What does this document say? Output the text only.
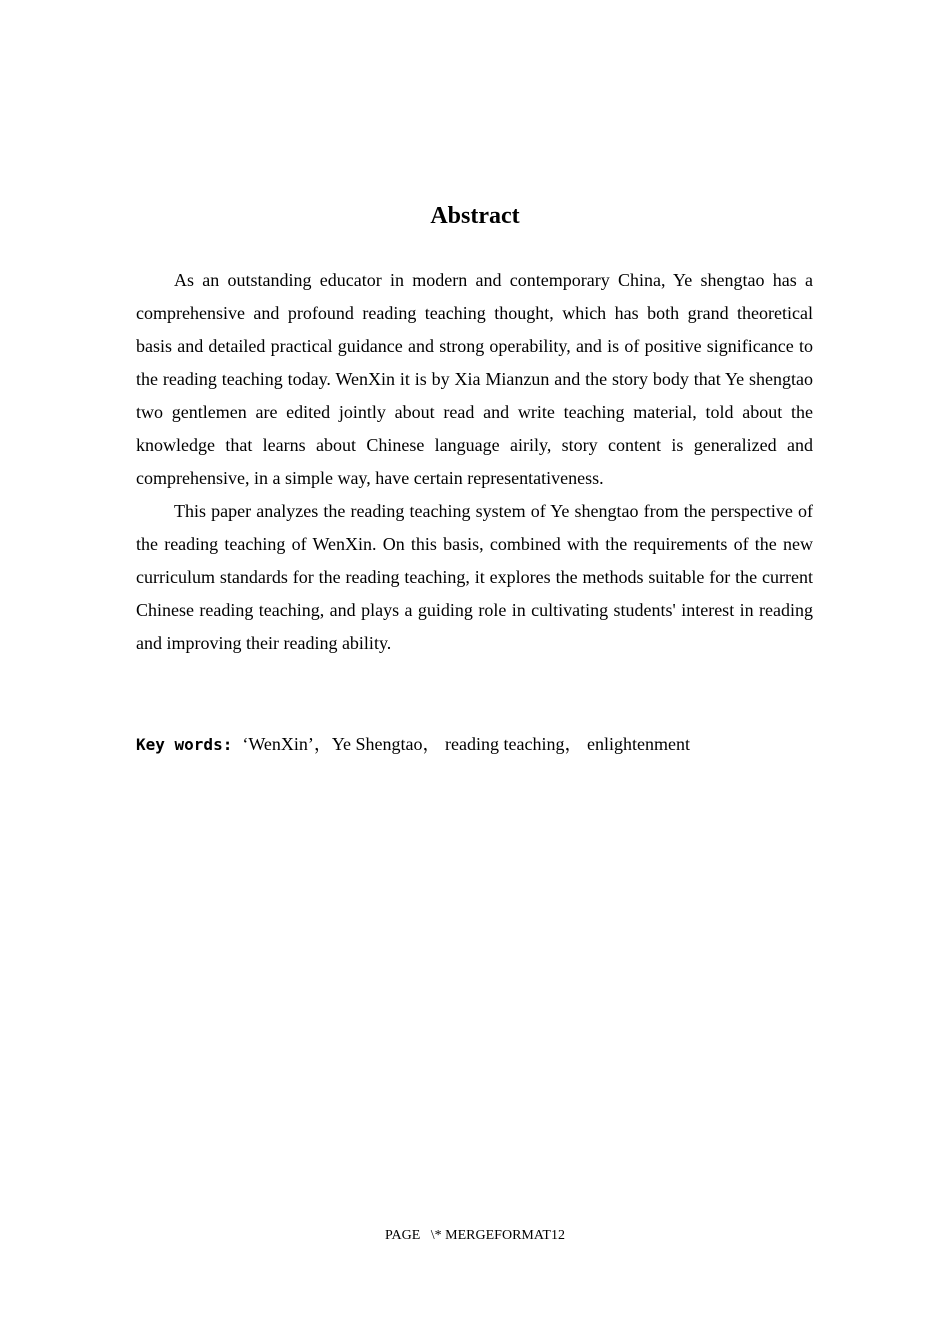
Abstract

As an outstanding educator in modern and contemporary China, Ye shengtao has a comprehensive and profound reading teaching thought, which has both grand theoretical basis and detailed practical guidance and strong operability, and is of positive significance to the reading teaching today. WenXin it is by Xia Mianzun and the story body that Ye shengtao two gentlemen are edited jointly about read and write teaching material, told about the knowledge that learns about Chinese language airily, story content is generalized and comprehensive, in a simple way, have certain representativeness.

This paper analyzes the reading teaching system of Ye shengtao from the perspective of the reading teaching of WenXin. On this basis, combined with the requirements of the new curriculum standards for the reading teaching, it explores the methods suitable for the current Chinese reading teaching, and plays a guiding role in cultivating students' interest in reading and improving their reading ability.

Key words: ‘WenXin’，Ye Shengtao， reading teaching， enlightenment
PAGE   \* MERGEFORMAT12
